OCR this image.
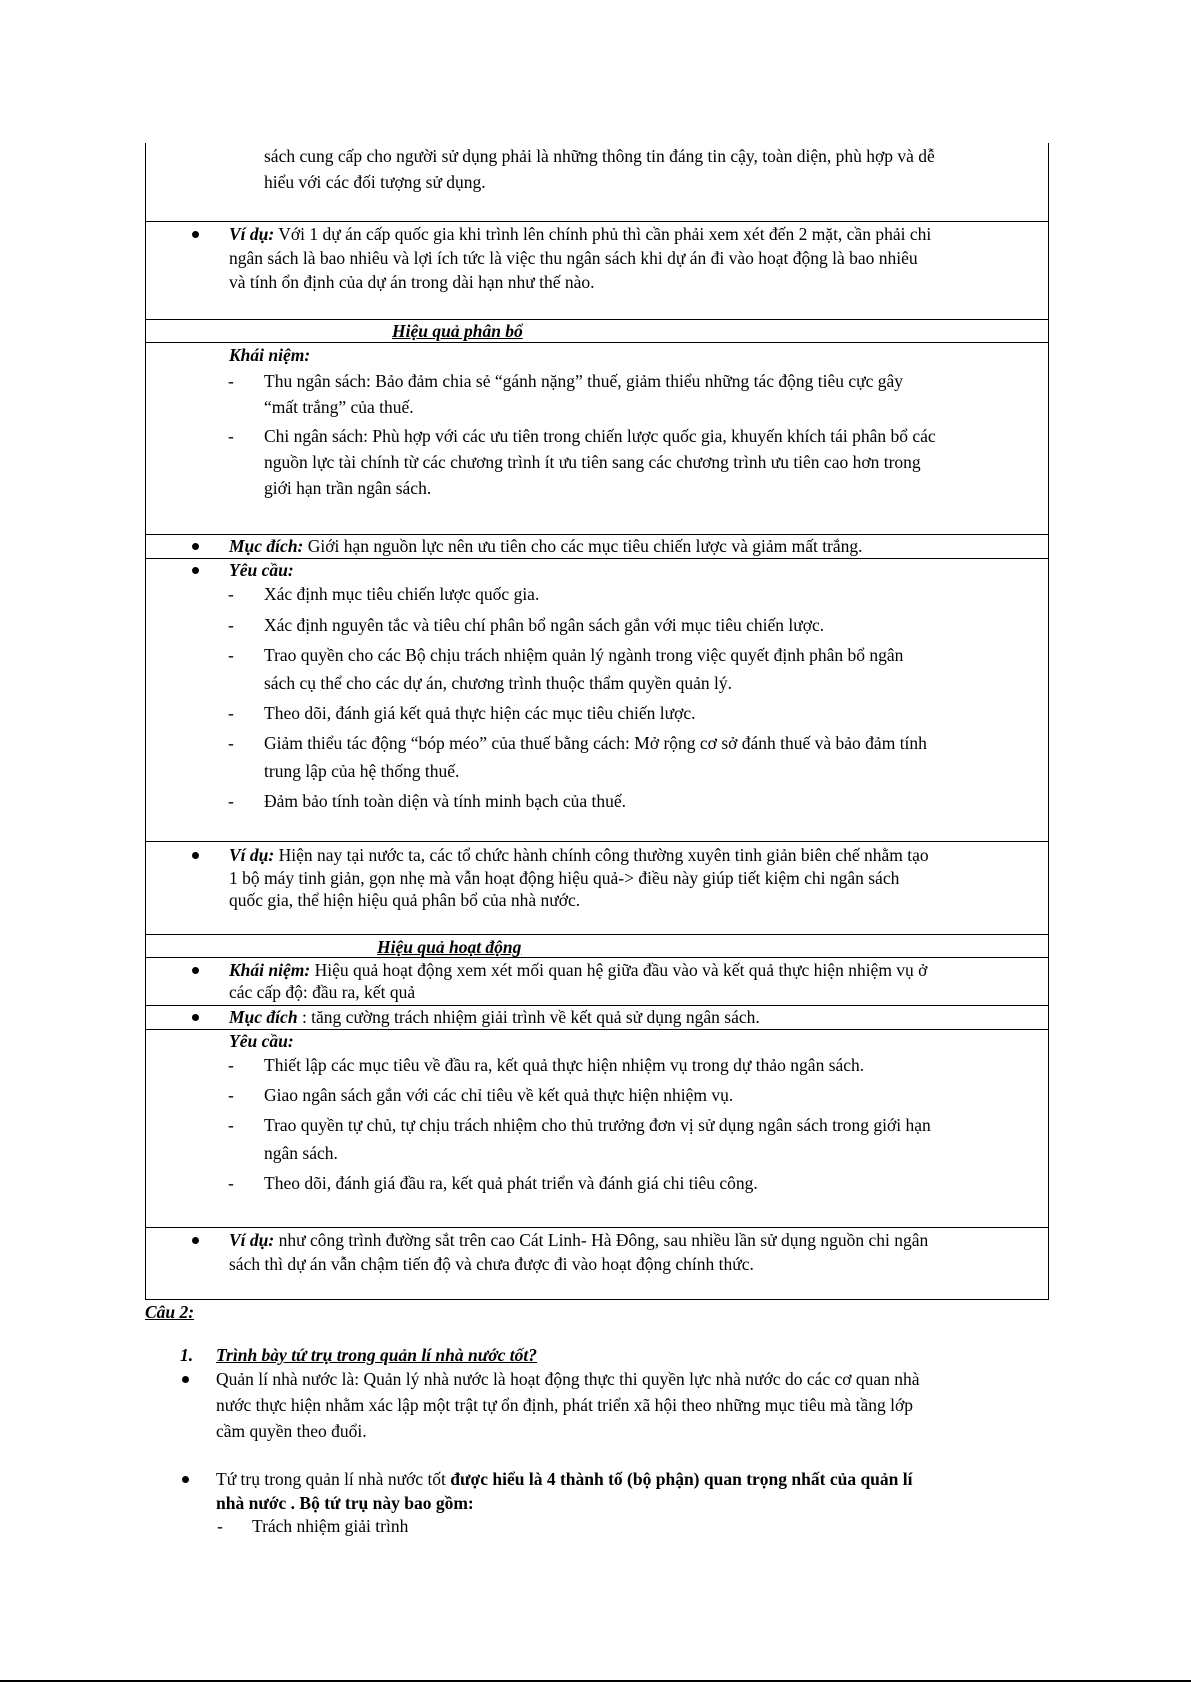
sách cung cấp cho người sử dụng phải là những thông tin đáng tin cậy, toàn diện, phù hợp và dễ
hiểu với các đối tượng sử dụng.
Ví dụ: Với 1 dự án cấp quốc gia khi trình lên chính phủ thì cần phải xem xét đến 2 mặt, cần phải chi
ngân sách là bao nhiêu và lợi ích tức là việc thu ngân sách khi dự án đi vào hoạt động là bao nhiêu
và tính ổn định của dự án trong dài hạn như thế nào.
Hiệu quả phân bổ
Khái niệm:
- Thu ngân sách: Bảo đảm chia sẻ “gánh nặng” thuế, giảm thiểu những tác động tiêu cực gây
“mất trắng” của thuế.
- Chi ngân sách: Phù hợp với các ưu tiên trong chiến lược quốc gia, khuyến khích tái phân bổ các
nguồn lực tài chính từ các chương trình ít ưu tiên sang các chương trình ưu tiên cao hơn trong
giới hạn trần ngân sách.
Mục đích: Giới hạn nguồn lực nên ưu tiên cho các mục tiêu chiến lược và giảm mất trắng.
Yêu cầu:
- Xác định mục tiêu chiến lược quốc gia.
- Xác định nguyên tắc và tiêu chí phân bổ ngân sách gắn với mục tiêu chiến lược.
- Trao quyền cho các Bộ chịu trách nhiệm quản lý ngành trong việc quyết định phân bổ ngân
sách cụ thể cho các dự án, chương trình thuộc thẩm quyền quản lý.
- Theo dõi, đánh giá kết quả thực hiện các mục tiêu chiến lược.
- Giảm thiểu tác động “bóp méo” của thuế bằng cách: Mở rộng cơ sở đánh thuế và bảo đảm tính
trung lập của hệ thống thuế.
- Đảm bảo tính toàn diện và tính minh bạch của thuế.
Ví dụ: Hiện nay tại nước ta, các tổ chức hành chính công thường xuyên tinh giản biên chế nhằm tạo
1 bộ máy tinh giản, gọn nhẹ mà vẫn hoạt động hiệu quả-> điều này giúp tiết kiệm chi ngân sách
quốc gia, thể hiện hiệu quả phân bổ của nhà nước.
Hiệu quả hoạt động
Khái niệm: Hiệu quả hoạt động xem xét mối quan hệ giữa đầu vào và kết quả thực hiện nhiệm vụ ở
các cấp độ: đầu ra, kết quả
Mục đích : tăng cường trách nhiệm giải trình về kết quả sử dụng ngân sách.
Yêu cầu:
- Thiết lập các mục tiêu về đầu ra, kết quả thực hiện nhiệm vụ trong dự thảo ngân sách.
- Giao ngân sách gắn với các chỉ tiêu về kết quả thực hiện nhiệm vụ.
- Trao quyền tự chủ, tự chịu trách nhiệm cho thủ trưởng đơn vị sử dụng ngân sách trong giới hạn
ngân sách.
- Theo dõi, đánh giá đầu ra, kết quả phát triển và đánh giá chi tiêu công.
Ví dụ: như công trình đường sắt trên cao Cát Linh- Hà Đông, sau nhiều lần sử dụng nguồn chi ngân
sách thì dự án vẫn chậm tiến độ và chưa được đi vào hoạt động chính thức.
Câu 2:
1. Trình bày tứ trụ trong quản lí nhà nước tốt?
Quản lí nhà nước là: Quản lý nhà nước là hoạt động thực thi quyền lực nhà nước do các cơ quan nhà
nước thực hiện nhằm xác lập một trật tự ổn định, phát triển xã hội theo những mục tiêu mà tầng lớp
cầm quyền theo đuổi.
Tứ trụ trong quản lí nhà nước tốt được hiểu là 4 thành tố (bộ phận) quan trọng nhất của quản lí
nhà nước . Bộ tứ trụ này bao gồm:
- Trách nhiệm giải trình
